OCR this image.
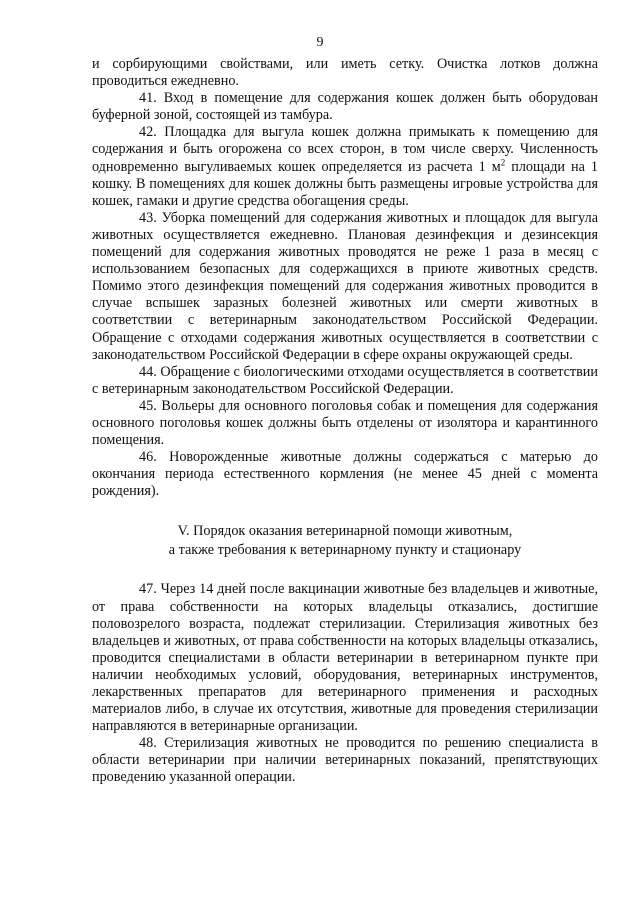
9

и сорбирующими свойствами, или иметь сетку. Очистка лотков должна проводиться ежедневно.

41. Вход в помещение для содержания кошек должен быть оборудован буферной зоной, состоящей из тамбура.

42. Площадка для выгула кошек должна примыкать к помещению для содержания и быть огорожена со всех сторон, в том числе сверху. Численность одновременно выгуливаемых кошек определяется из расчета 1 $м^2$ площади на 1 кошку. В помещениях для кошек должны быть размещены игровые устройства для кошек, гамаки и другие средства обогащения среды.

43. Уборка помещений для содержания животных и площадок для выгула животных осуществляется ежедневно. Плановая дезинфекция и дезинсекция помещений для содержания животных проводятся не реже 1 раза в месяц с использованием безопасных для содержащихся в приюте животных средств. Помимо этого дезинфекция помещений для содержания животных проводится в случае вспышек заразных болезней животных или смерти животных в соответствии с ветеринарным законодательством Российской Федерации. Обращение с отходами содержания животных осуществляется в соответствии с законодательством Российской Федерации в сфере охраны окружающей среды.

44. Обращение с биологическими отходами осуществляется в соответствии с ветеринарным законодательством Российской Федерации.

45. Вольеры для основного поголовья собак и помещения для содержания основного поголовья кошек должны быть отделены от изолятора и карантинного помещения.

46. Новорожденные животные должны содержаться с матерью до окончания периода естественного кормления (не менее 45 дней с момента рождения).

V. Порядок оказания ветеринарной помощи животным,
а также требования к ветеринарному пункту и стационару

47. Через 14 дней после вакцинации животные без владельцев и животные, от права собственности на которых владельцы отказались, достигшие половозрелого возраста, подлежат стерилизации. Стерилизация животных без владельцев и животных, от права собственности на которых владельцы отказались, проводится специалистами в области ветеринарии в ветеринарном пункте при наличии необходимых условий, оборудования, ветеринарных инструментов, лекарственных препаратов для ветеринарного применения и расходных материалов либо, в случае их отсутствия, животные для проведения стерилизации направляются в ветеринарные организации.

48. Стерилизация животных не проводится по решению специалиста в области ветеринарии при наличии ветеринарных показаний, препятствующих проведению указанной операции.
